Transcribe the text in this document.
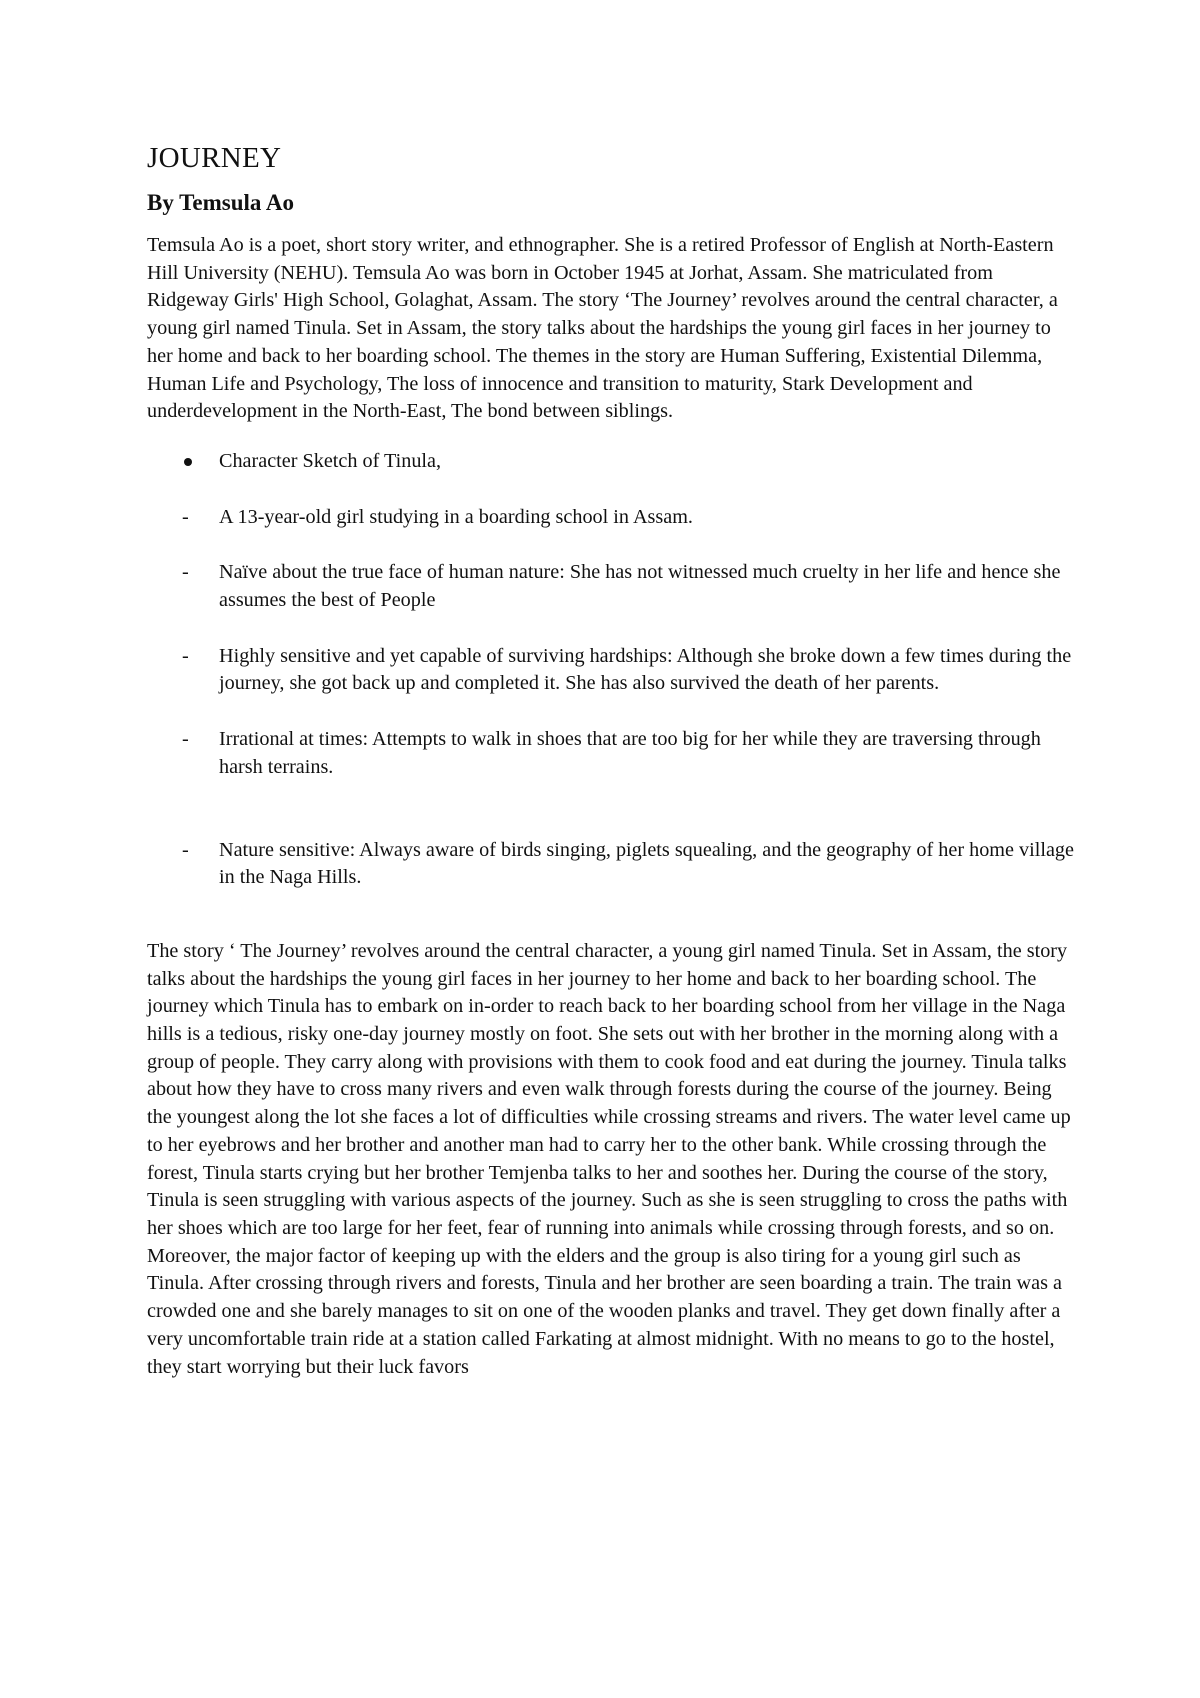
JOURNEY
By Temsula Ao

Temsula Ao is a poet, short story writer, and ethnographer. She is a retired Professor of English at North-Eastern Hill University (NEHU). Temsula Ao was born in October 1945 at Jorhat, Assam. She matriculated from Ridgeway Girls' High School, Golaghat, Assam. The story ‘The Journey’ revolves around the central character, a young girl named Tinula. Set in Assam, the story talks about the hardships the young girl faces in her journey to her home and back to her boarding school. The themes in the story are Human Suffering, Existential Dilemma, Human Life and Psychology, The loss of innocence and transition to maturity, Stark Development and underdevelopment in the North-East, The bond between siblings.

Character Sketch of Tinula,
-	A 13-year-old girl studying in a boarding school in Assam.
-	Naïve about the true face of human nature: She has not witnessed much cruelty in her life and hence she assumes the best of People
-	Highly sensitive and yet capable of surviving hardships: Although she broke down a few times during the journey, she got back up and completed it. She has also survived the death of her parents.
-	Irrational at times: Attempts to walk in shoes that are too big for her while they are traversing through harsh terrains.
-	Nature sensitive: Always aware of birds singing, piglets squealing, and the geography of her home village in the Naga Hills.

The story ‘ The Journey’ revolves around the central character, a young girl named Tinula. Set in Assam, the story talks about the hardships the young girl faces in her journey to her home and back to her boarding school. The journey which Tinula has to embark on in-order to reach back to her boarding school from her village in the Naga hills is a tedious, risky one-day journey mostly on foot. She sets out with her brother in the morning along with a group of people. They carry along with provisions with them to cook food and eat during the journey. Tinula talks about how they have to cross many rivers and even walk through forests during the course of the journey. Being the youngest along the lot she faces a lot of difficulties while crossing streams and rivers. The water level came up to her eyebrows and her brother and another man had to carry her to the other bank. While crossing through the forest, Tinula starts crying but her brother Temjenba talks to her and soothes her. During the course of the story, Tinula is seen struggling with various aspects of the journey. Such as she is seen struggling to cross the paths with her shoes which are too large for her feet, fear of running into animals while crossing through forests, and so on. Moreover, the major factor of keeping up with the elders and the group is also tiring for a young girl such as Tinula. After crossing through rivers and forests, Tinula and her brother are seen boarding a train. The train was a crowded one and she barely manages to sit on one of the wooden planks and travel. They get down finally after a very uncomfortable train ride at a station called Farkating at almost midnight. With no means to go to the hostel, they start worrying but their luck favors
